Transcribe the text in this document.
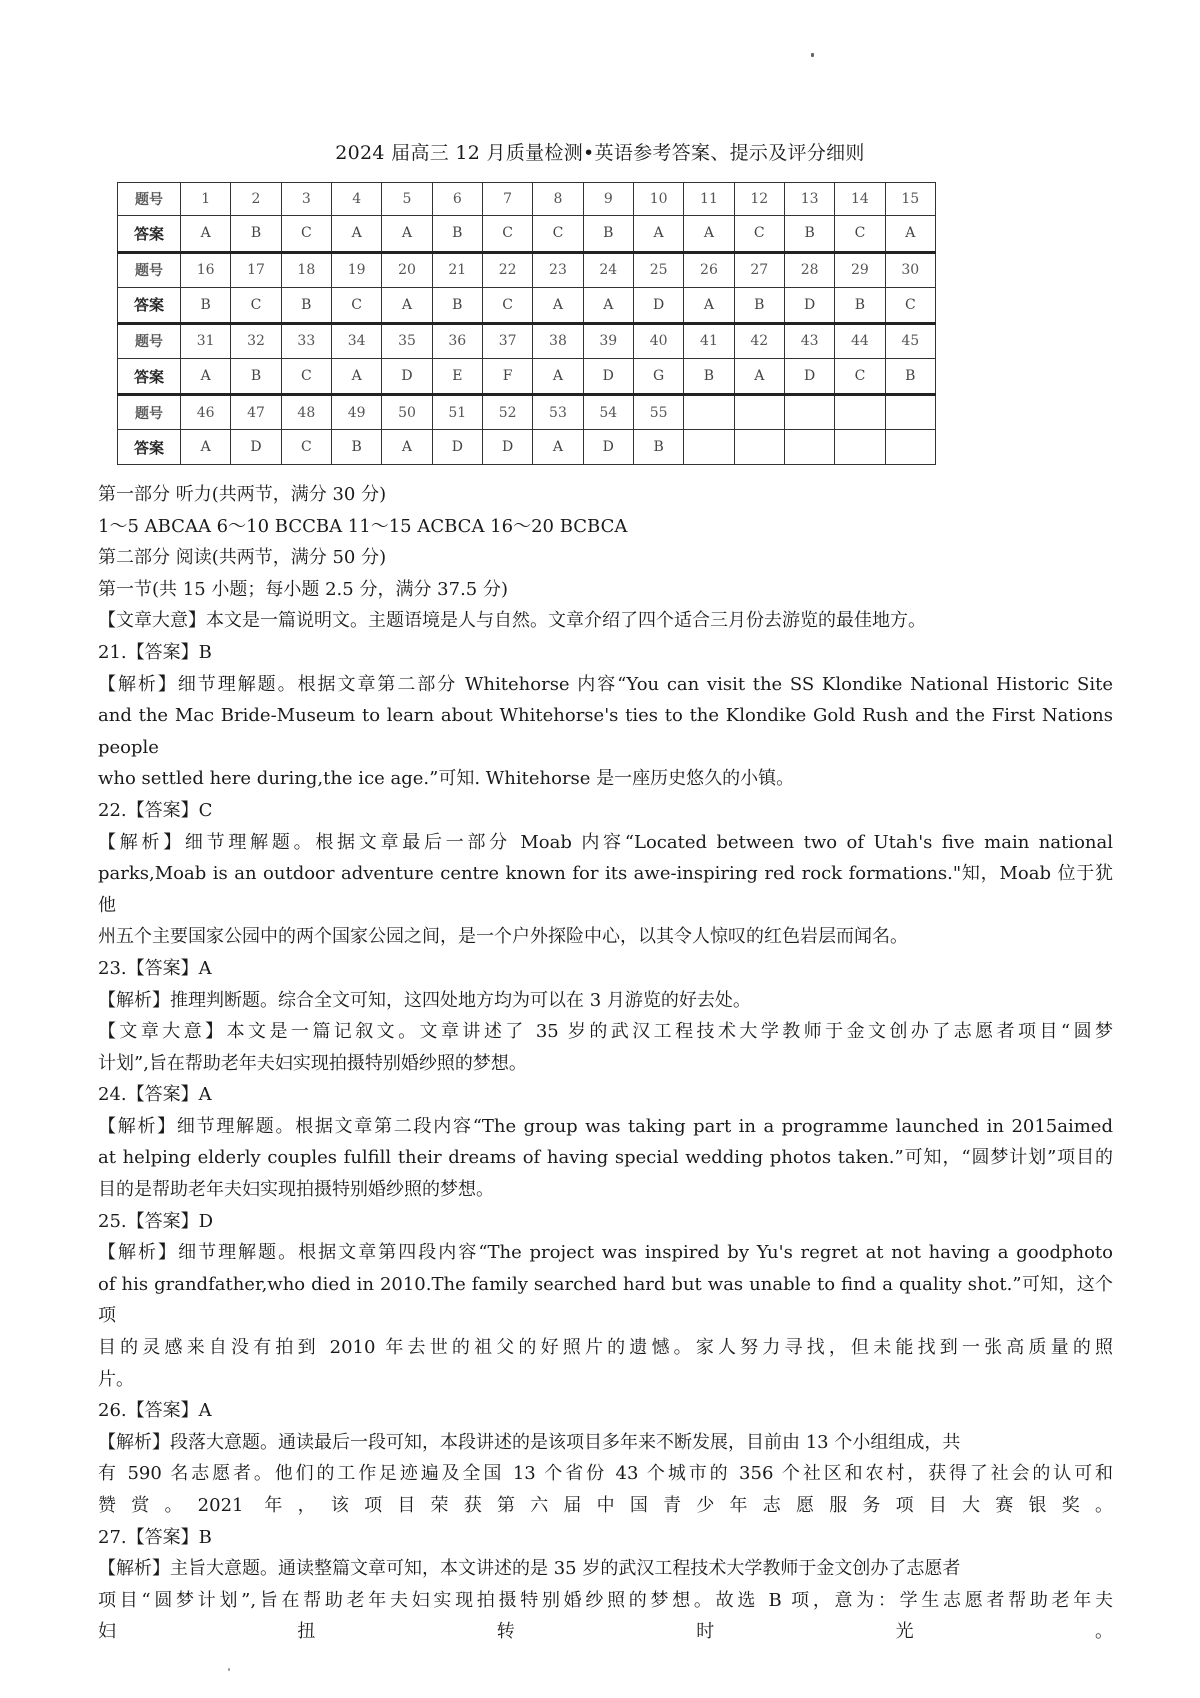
2024 届高三 12 月质量检测•英语参考答案、提示及评分细则
题号	1	2	3	4	5	6	7	8	9	10	11	12	13	14	15
答案	A	B	C	A	A	B	C	C	B	A	A	C	B	C	A
题号	16	17	18	19	20	21	22	23	24	25	26	27	28	29	30
答案	B	C	B	C	A	B	C	A	A	D	A	B	D	B	C
题号	31	32	33	34	35	36	37	38	39	40	41	42	43	44	45
答案	A	B	C	A	D	E	F	A	D	G	B	A	D	C	B
题号	46	47	48	49	50	51	52	53	54	55					
答案	A	D	C	B	A	D	D	A	D	B					

第一部分 听力(共两节，满分 30 分)

1～5 ABCAA 6～10 BCCBA 11～15 ACBCA 16～20 BCBCA

第二部分 阅读(共两节，满分 50 分)

第一节(共 15 小题；每小题 2.5 分，满分 37.5 分)

【文章大意】本文是一篇说明文。主题语境是人与自然。文章介绍了四个适合三月份去游览的最佳地方。

21.【答案】B

【解析】细节理解题。根据文章第二部分 Whitehorse 内容“You can visit the SS Klondike National Historic Site

and the Mac Bride-Museum to learn about Whitehorse's ties to the Klondike Gold Rush and the First Nations people

who settled here during,the ice age.”可知. Whitehorse 是一座历史悠久的小镇。

22.【答案】C

【解析】细节理解题。根据文章最后一部分 Moab 内容“Located between two of Utah's five main national

parks,Moab is an outdoor adventure centre known for its awe-inspiring red rock formations."知，Moab 位于犹他

州五个主要国家公园中的两个国家公园之间，是一个户外探险中心，以其令人惊叹的红色岩层而闻名。

23.【答案】A

【解析】推理判断题。综合全文可知，这四处地方均为可以在 3 月游览的好去处。

【文章大意】本文是一篇记叙文。文章讲述了 35 岁的武汉工程技术大学教师于金文创办了志愿者项目“圆梦

计划”,旨在帮助老年夫妇实现拍摄特别婚纱照的梦想。

24.【答案】A

【解析】细节理解题。根据文章第二段内容“The group was taking part in a programme launched in 2015aimed

at helping elderly couples fulfill their dreams of having special wedding photos taken.”可知，“圆梦计划”项目的

目的是帮助老年夫妇实现拍摄特别婚纱照的梦想。

25.【答案】D

【解析】细节理解题。根据文章第四段内容“The project was inspired by Yu's regret at not having a goodphoto

of his grandfather,who died in 2010.The family searched hard but was unable to find a quality shot.”可知，这个项

目的灵感来自没有拍到 2010 年去世的祖父的好照片的遗憾。家人努力寻找，但未能找到一张高质量的照

片。

26.【答案】A

【解析】段落大意题。通读最后一段可知，本段讲述的是该项目多年来不断发展，目前由 13 个小组组成，共

有 590 名志愿者。他们的工作足迹遍及全国 13 个省份 43 个城市的 356 个社区和农村，获得了社会的认可和

赞赏。2021 年，该项目荣获第六届中国青少年志愿服务项目大赛银奖。

27.【答案】B

【解析】主旨大意题。通读整篇文章可知，本文讲述的是 35 岁的武汉工程技术大学教师于金文创办了志愿者

项目“圆梦计划”,旨在帮助老年夫妇实现拍摄特别婚纱照的梦想。故选 B 项，意为：学生志愿者帮助老年夫

妇扭转时光。
